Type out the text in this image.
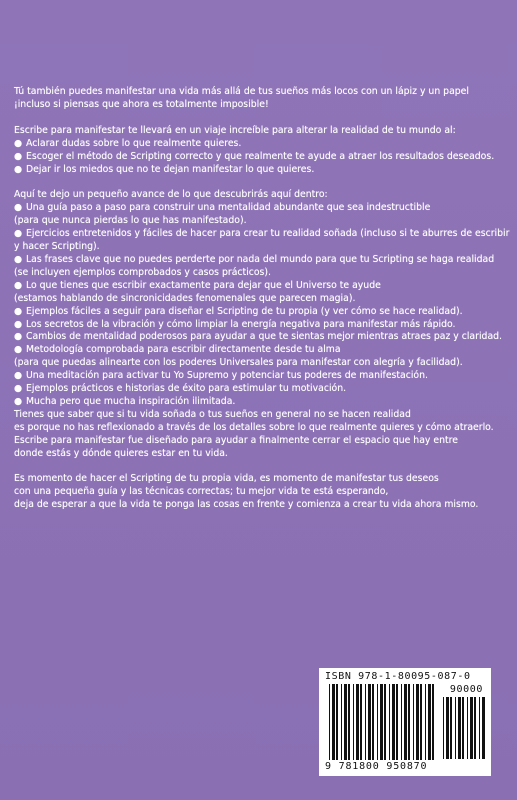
Tú también puedes manifestar una vida más allá de tus sueños más locos con un lápiz y un papel
¡incluso si piensas que ahora es totalmente imposible!
Escribe para manifestar te llevará en un viaje increíble para alterar la realidad de tu mundo al:
● Aclarar dudas sobre lo que realmente quieres.
● Escoger el método de Scripting correcto y que realmente te ayude a atraer los resultados deseados.
● Dejar ir los miedos que no te dejan manifestar lo que quieres.
Aquí te dejo un pequeño avance de lo que descubrirás aquí dentro:
● Una guía paso a paso para construir una mentalidad abundante que sea indestructible
(para que nunca pierdas lo que has manifestado).
● Ejercicios entretenidos y fáciles de hacer para crear tu realidad soñada (incluso si te aburres de escribir
y hacer Scripting).
● Las frases clave que no puedes perderte por nada del mundo para que tu Scripting se haga realidad
(se incluyen ejemplos comprobados y casos prácticos).
● Lo que tienes que escribir exactamente para dejar que el Universo te ayude
(estamos hablando de sincronicidades fenomenales que parecen magia).
● Ejemplos fáciles a seguir para diseñar el Scripting de tu propia (y ver cómo se hace realidad).
● Los secretos de la vibración y cómo limpiar la energía negativa para manifestar más rápido.
● Cambios de mentalidad poderosos para ayudar a que te sientas mejor mientras atraes paz y claridad.
● Metodología comprobada para escribir directamente desde tu alma
(para que puedas alinearte con los poderes Universales para manifestar con alegría y facilidad).
● Una meditación para activar tu Yo Supremo y potenciar tus poderes de manifestación.
● Ejemplos prácticos e historias de éxito para estimular tu motivación.
● Mucha pero que mucha inspiración ilimitada.
Tienes que saber que si tu vida soñada o tus sueños en general no se hacen realidad
es porque no has reflexionado a través de los detalles sobre lo que realmente quieres y cómo atraerlo.
Escribe para manifestar fue diseñado para ayudar a finalmente cerrar el espacio que hay entre
donde estás y dónde quieres estar en tu vida.
Es momento de hacer el Scripting de tu propia vida, es momento de manifestar tus deseos
con una pequeña guía y las técnicas correctas; tu mejor vida te está esperando,
deja de esperar a que la vida te ponga las cosas en frente y comienza a crear tu vida ahora mismo.
ISBN 978-1-80095-087-0
90000
9 781800 950870
